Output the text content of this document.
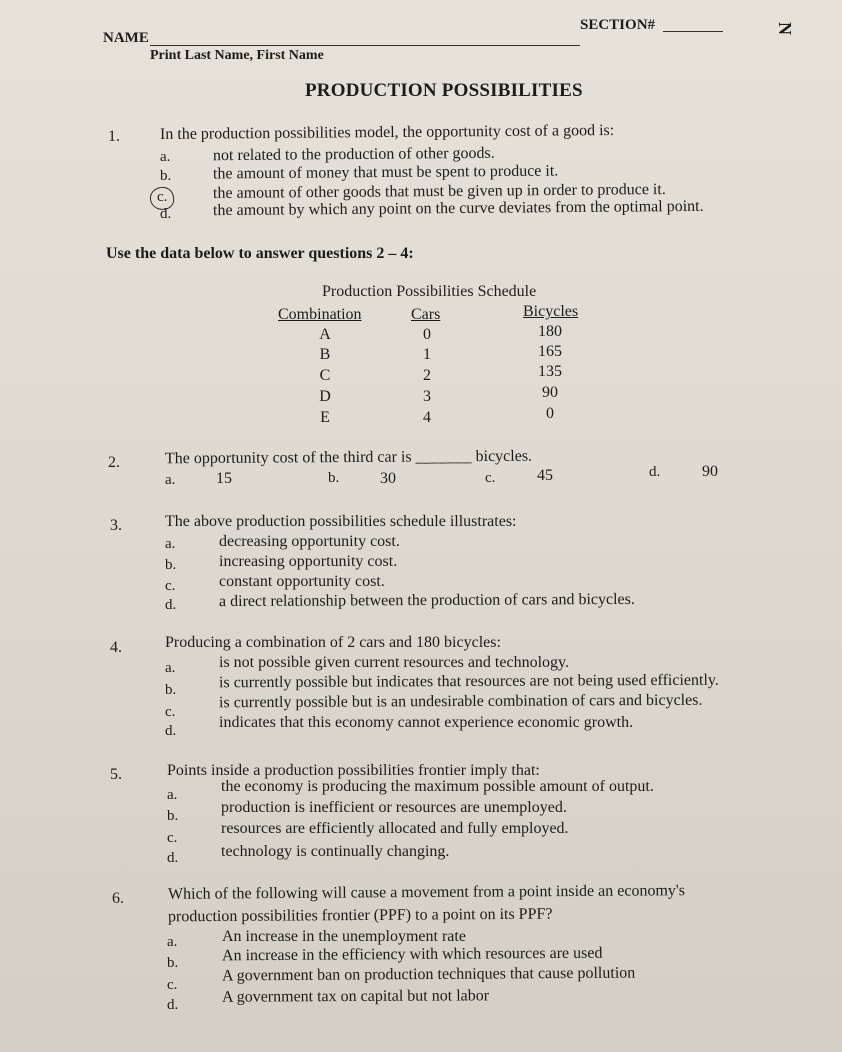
NAME
Print Last Name, First Name
SECTION#	N
PRODUCTION POSSIBILITIES
1. In the production possibilities model, the opportunity cost of a good is:
a.	not related to the production of other goods.
b.	the amount of money that must be spent to produce it.
c.	the amount of other goods that must be given up in order to produce it.
d.	the amount by which any point on the curve deviates from the optimal point.
Use the data below to answer questions 2 – 4:
Production Possibilities Schedule
Combination	Cars	Bicycles
A	0	180
B	1	165
C	2	135
D	3	90
E	4	0
2.	The opportunity cost of the third car is _______ bicycles.
a.	15	b.	30	c.	45	d.	90
3.	The above production possibilities schedule illustrates:
a.	decreasing opportunity cost.
b.	increasing opportunity cost.
c.	constant opportunity cost.
d.	a direct relationship between the production of cars and bicycles.
4.	Producing a combination of 2 cars and 180 bicycles:
a.	is not possible given current resources and technology.
b.	is currently possible but indicates that resources are not being used efficiently.
c.
is currently possible but is an undesirable combination of cars and bicycles.
d.	indicates that this economy cannot experience economic growth.
5.	Points inside a production possibilities frontier imply that:
a.	the economy is producing the maximum possible amount of output.
b.	production is inefficient or resources are unemployed.
c.
resources are efficiently allocated and fully employed.
d.	technology is continually changing.
6.	Which of the following will cause a movement from a point inside an economy's
production possibilities frontier (PPF) to a point on its PPF?
a.	An increase in the unemployment rate
b.	An increase in the efficiency with which resources are used
c.
A government ban on production techniques that cause pollution
d.	A government tax on capital but not labor
